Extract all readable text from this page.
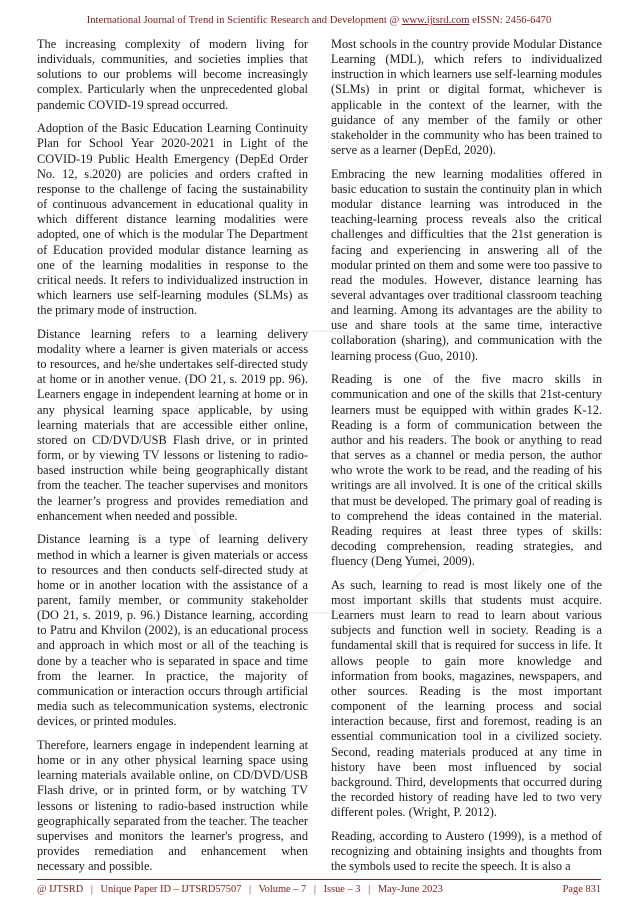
International Journal of Trend in Scientific Research and Development @ www.ijtsrd.com eISSN: 2456-6470

The increasing complexity of modern living for individuals, communities, and societies implies that solutions to our problems will become increasingly complex. Particularly when the unprecedented global pandemic COVID-19 spread occurred.

Adoption of the Basic Education Learning Continuity Plan for School Year 2020-2021 in Light of the COVID-19 Public Health Emergency (DepEd Order No. 12, s.2020) are policies and orders crafted in response to the challenge of facing the sustainability of continuous advancement in educational quality in which different distance learning modalities were adopted, one of which is the modular The Department of Education provided modular distance learning as one of the learning modalities in response to the critical needs. It refers to individualized instruction in which learners use self-learning modules (SLMs) as the primary mode of instruction.

Distance learning refers to a learning delivery modality where a learner is given materials or access to resources, and he/she undertakes self-directed study at home or in another venue. (DO 21, s. 2019 pp. 96). Learners engage in independent learning at home or in any physical learning space applicable, by using learning materials that are accessible either online, stored on CD/DVD/USB Flash drive, or in printed form, or by viewing TV lessons or listening to radio-based instruction while being geographically distant from the teacher. The teacher supervises and monitors the learner’s progress and provides remediation and enhancement when needed and possible.

Distance learning is a type of learning delivery method in which a learner is given materials or access to resources and then conducts self-directed study at home or in another location with the assistance of a parent, family member, or community stakeholder (DO 21, s. 2019, p. 96.) Distance learning, according to Patru and Khvilon (2002), is an educational process and approach in which most or all of the teaching is done by a teacher who is separated in space and time from the learner. In practice, the majority of communication or interaction occurs through artificial media such as telecommunication systems, electronic devices, or printed modules.

Therefore, learners engage in independent learning at home or in any other physical learning space using learning materials available online, on CD/DVD/USB Flash drive, or in printed form, or by watching TV lessons or listening to radio-based instruction while geographically separated from the teacher. The teacher supervises and monitors the learner's progress, and provides remediation and enhancement when necessary and possible.

Most schools in the country provide Modular Distance Learning (MDL), which refers to individualized instruction in which learners use self-learning modules (SLMs) in print or digital format, whichever is applicable in the context of the learner, with the guidance of any member of the family or other stakeholder in the community who has been trained to serve as a learner (DepEd, 2020).

Embracing the new learning modalities offered in basic education to sustain the continuity plan in which modular distance learning was introduced in the teaching-learning process reveals also the critical challenges and difficulties that the 21st generation is facing and experiencing in answering all of the modular printed on them and some were too passive to read the modules. However, distance learning has several advantages over traditional classroom teaching and learning. Among its advantages are the ability to use and share tools at the same time, interactive collaboration (sharing), and communication with the learning process (Guo, 2010).

Reading is one of the five macro skills in communication and one of the skills that 21st-century learners must be equipped with within grades K-12. Reading is a form of communication between the author and his readers. The book or anything to read that serves as a channel or media person, the author who wrote the work to be read, and the reading of his writings are all involved. It is one of the critical skills that must be developed. The primary goal of reading is to comprehend the ideas contained in the material. Reading requires at least three types of skills: decoding comprehension, reading strategies, and fluency (Deng Yumei, 2009).

As such, learning to read is most likely one of the most important skills that students must acquire. Learners must learn to read to learn about various subjects and function well in society. Reading is a fundamental skill that is required for success in life. It allows people to gain more knowledge and information from books, magazines, newspapers, and other sources. Reading is the most important component of the learning process and social interaction because, first and foremost, reading is an essential communication tool in a civilized society. Second, reading materials produced at any time in history have been most influenced by social background. Third, developments that occurred during the recorded history of reading have led to two very different poles. (Wright, P. 2012).

Reading, according to Austero (1999), is a method of recognizing and obtaining insights and thoughts from the symbols used to recite the speech. It is also a

@ IJTSRD | Unique Paper ID – IJTSRD57507 | Volume – 7 | Issue – 3 | May-June 2023	Page 831
